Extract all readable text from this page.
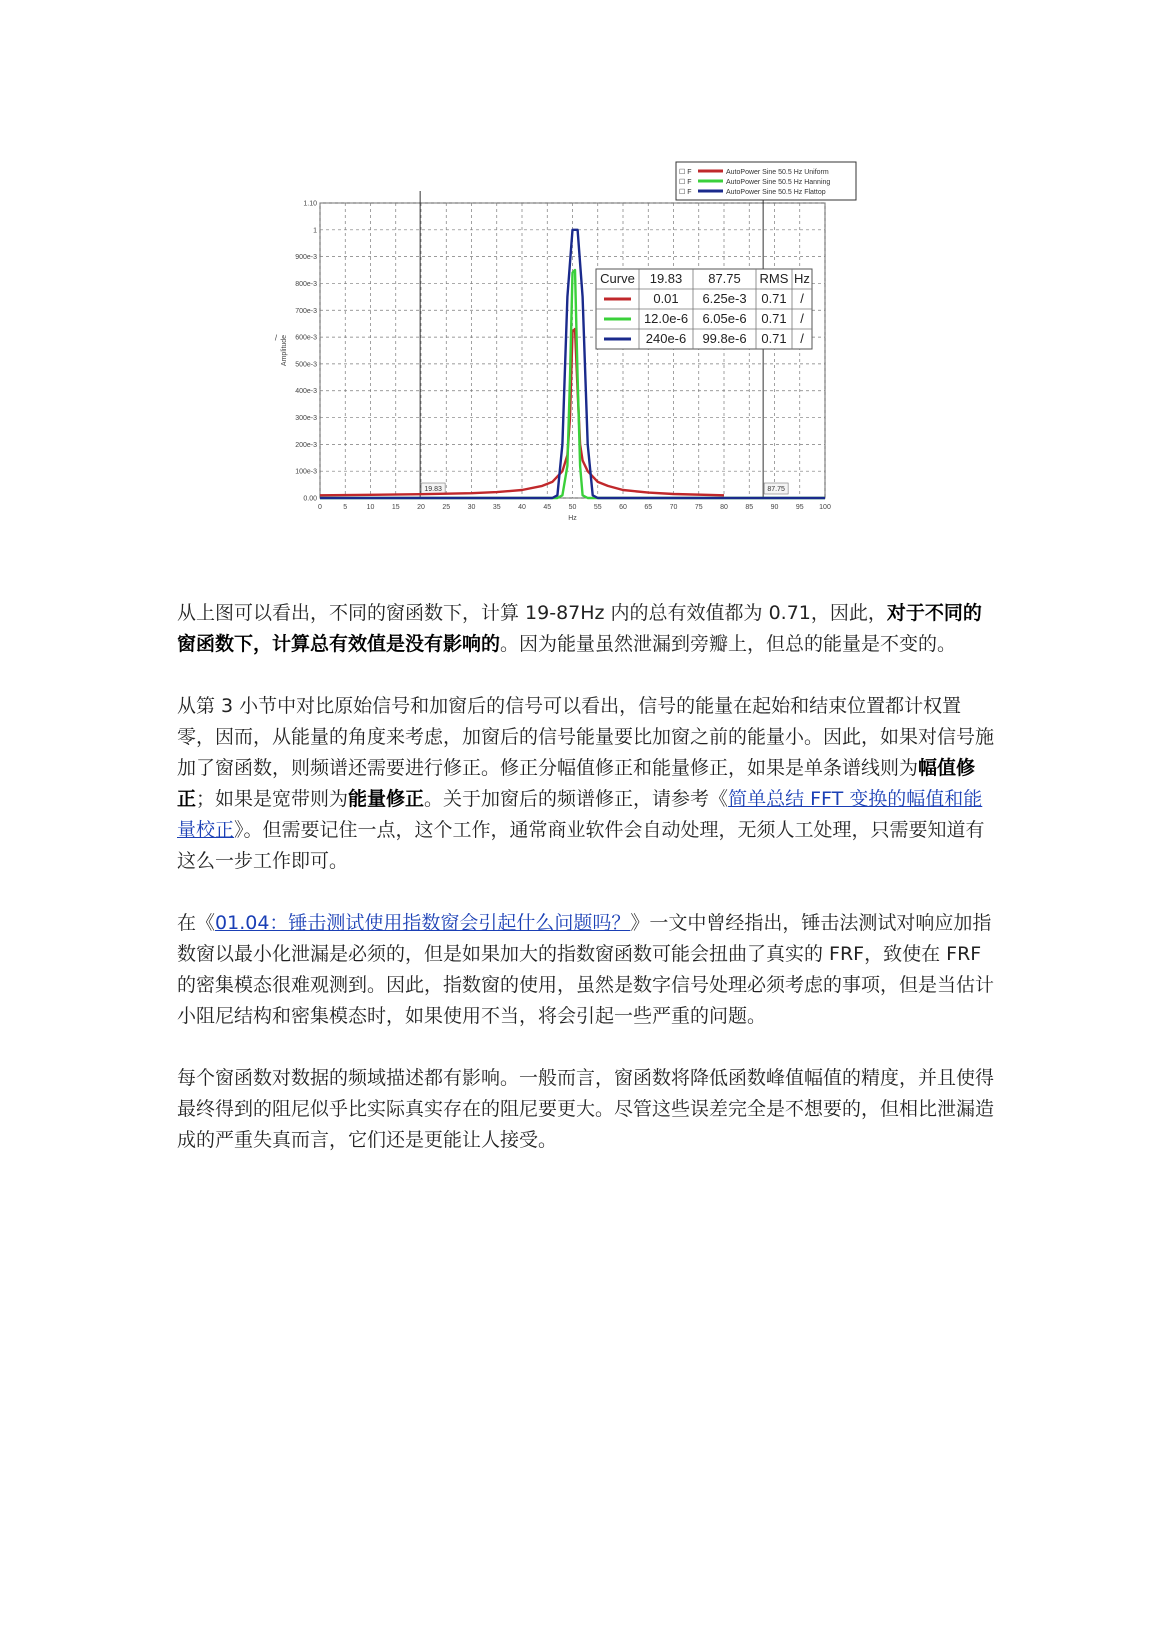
0	5	10 15 20 25 30 35 40 45 50 55 60 65 70 75 80 85 90 95 100
0.00
100e-3
200e-3
300e-3
400e-3
500e-3
600e-3
700e-3
800e-3
900e-3
1
1.10
Hz
Amplitude
/
19.83	87.75
☐ F	AutoPower Sine 50.5 Hz Uniform
☐ F	AutoPower Sine 50.5 Hz Hanning
☐ F	AutoPower Sine 50.5 Hz Flattop
Curve 19.83 87.75 RMS Hz
0.01 6.25e-3 0.71 /
12.0e-6 6.05e-6 0.71 /
240e-6 99.8e-6 0.71 /

从上图可以看出，不同的窗函数下，计算 19-87Hz 内的总有效值都为 0.71，因此，对于不同的窗函数下，计算总有效值是没有影响的。因为能量虽然泄漏到旁瓣上，但总的能量是不变的。

从第 3 小节中对比原始信号和加窗后的信号可以看出，信号的能量在起始和结束位置都计权置零，因而，从能量的角度来考虑，加窗后的信号能量要比加窗之前的能量小。因此，如果对信号施加了窗函数，则频谱还需要进行修正。修正分幅值修正和能量修正，如果是单条谱线则为幅值修正；如果是宽带则为能量修正。关于加窗后的频谱修正，请参考《简单总结 FFT 变换的幅值和能量校正》。但需要记住一点，这个工作，通常商业软件会自动处理，无须人工处理，只需要知道有这么一步工作即可。

在《01.04：锤击测试使用指数窗会引起什么问题吗？》一文中曾经指出，锤击法测试对响应加指数窗以最小化泄漏是必须的，但是如果加大的指数窗函数可能会扭曲了真实的 FRF，致使在 FRF 的密集模态很难观测到。因此，指数窗的使用，虽然是数字信号处理必须考虑的事项，但是当估计小阻尼结构和密集模态时，如果使用不当，将会引起一些严重的问题。

每个窗函数对数据的频域描述都有影响。一般而言，窗函数将降低函数峰值幅值的精度，并且使得最终得到的阻尼似乎比实际真实存在的阻尼要更大。尽管这些误差完全是不想要的，但相比泄漏造成的严重失真而言，它们还是更能让人接受。
